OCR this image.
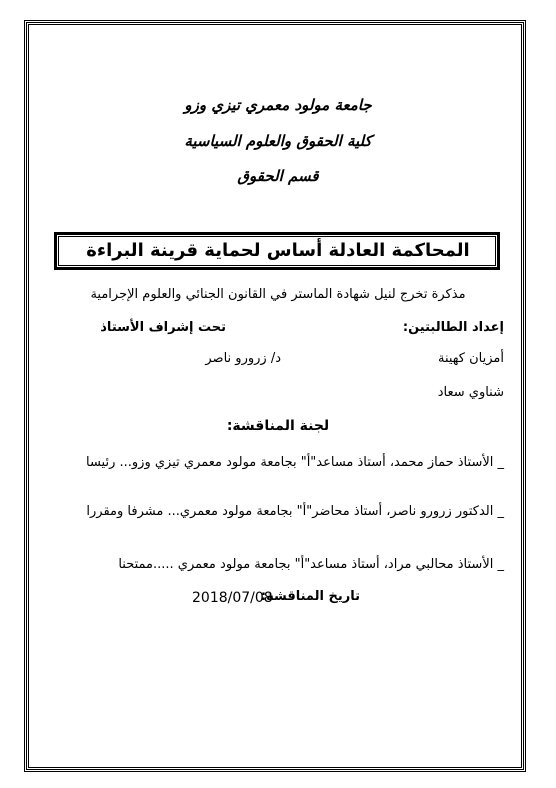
جامعة مولود معمري تيزي وزو
كلية الحقوق والعلوم السياسية
قسم الحقوق
المحاكمة العادلة أساس لحماية قرينة البراءة
مذكرة تخرج لنيل شهادة الماستر في القانون الجنائي والعلوم الإجرامية
إعداد الطالبتين:
تحت إشراف الأستاذ
أمزيان كهينة
د/ زرورو ناصر
شناوي سعاد
لجنة المناقشة:
_ الأستاذ حماز محمد، أستاذ مساعد"أ" بجامعة مولود معمري تيزي وزو... رئيسا
_ الدكتور زرورو ناصر، أستاذ محاضر"أ" بجامعة مولود معمري... مشرفا ومقررا
_ الأستاذ محالبي مراد، أستاذ مساعد"أ" بجامعة مولود معمري .....ممتحنا
تاريخ المناقشة:
2018/07/08
